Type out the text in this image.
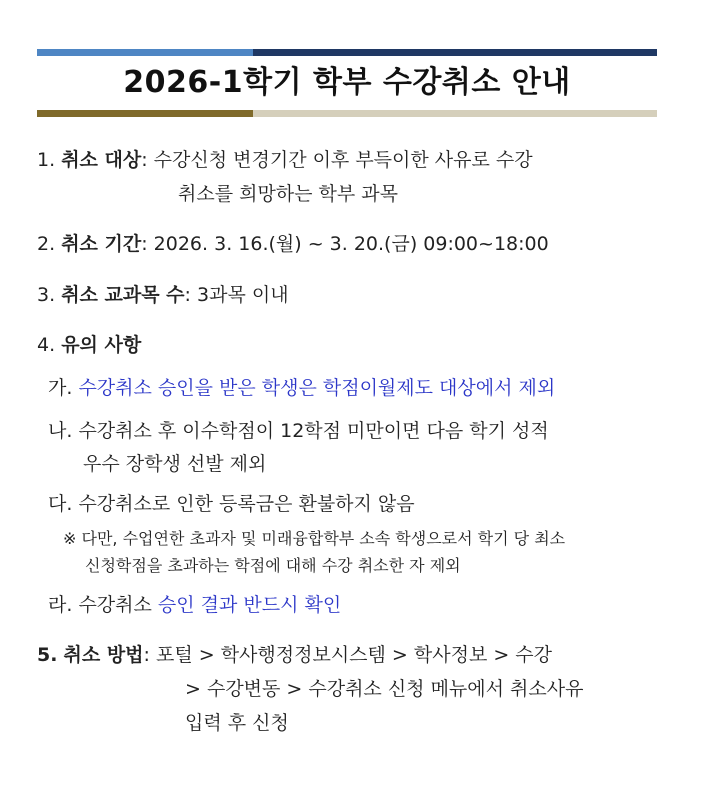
2026-1학기 학부 수강취소 안내
1. 취소 대상: 수강신청 변경기간 이후 부득이한 사유로 수강
취소를 희망하는 학부 과목
2. 취소 기간: 2026. 3. 16.(월) ~ 3. 20.(금) 09:00~18:00
3. 취소 교과목 수: 3과목 이내
4. 유의 사항
가. 수강취소 승인을 받은 학생은 학점이월제도 대상에서 제외
나. 수강취소 후 이수학점이 12학점 미만이면 다음 학기 성적
우수 장학생 선발 제외
다. 수강취소로 인한 등록금은 환불하지 않음
※ 다만, 수업연한 초과자 및 미래융합학부 소속 학생으로서 학기 당 최소
신청학점을 초과하는 학점에 대해 수강 취소한 자 제외
라. 수강취소 승인 결과 반드시 확인
5. 취소 방법: 포털 > 학사행정정보시스템 > 학사정보 > 수강
> 수강변동 > 수강취소 신청 메뉴에서 취소사유
입력 후 신청
